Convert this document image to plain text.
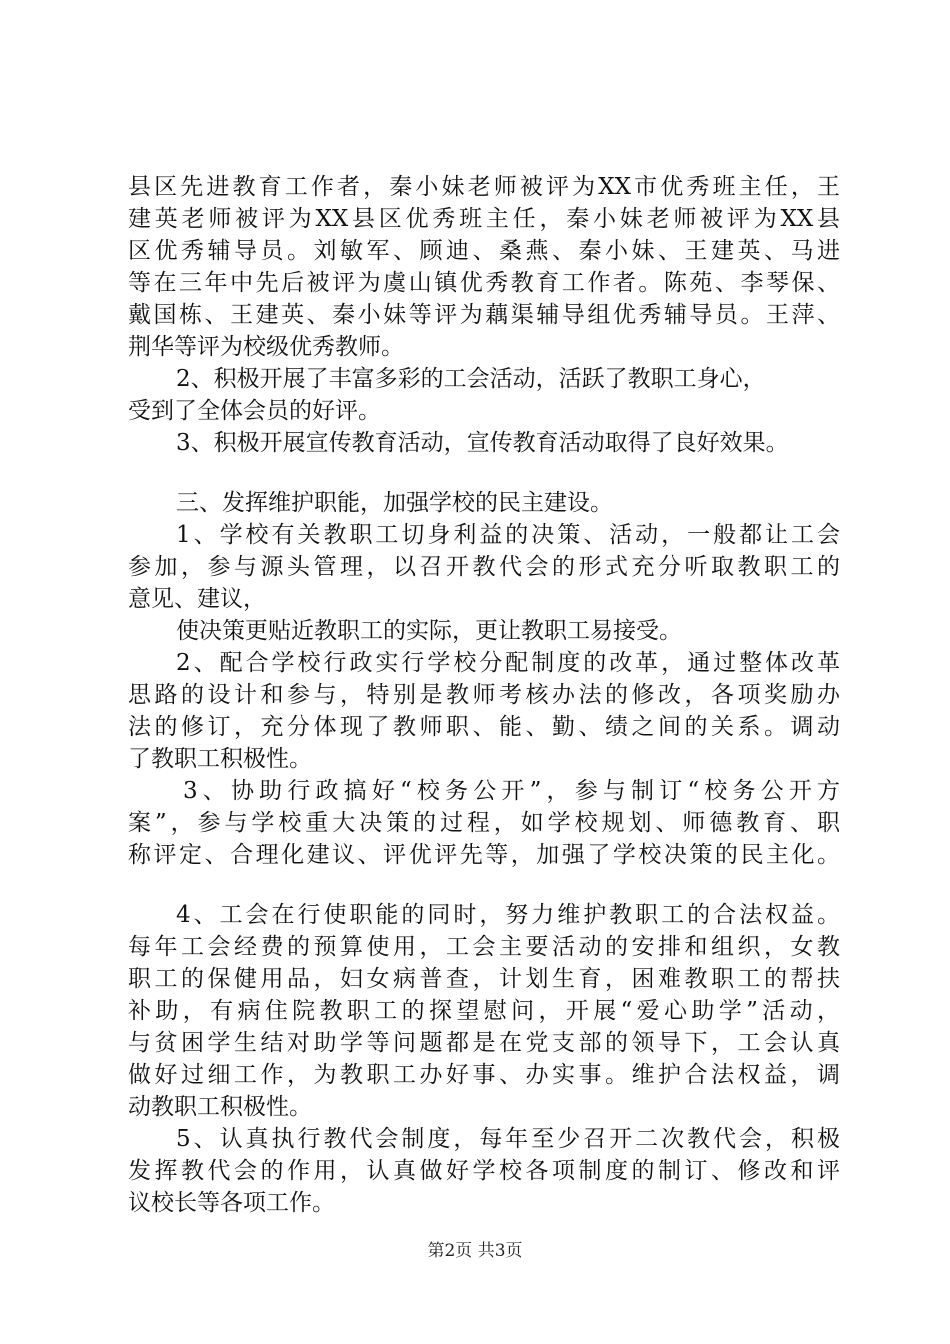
县区先进教育工作者，秦小妹老师被评为XX市优秀班主任，王
建英老师被评为XX县区优秀班主任，秦小妹老师被评为XX县
区优秀辅导员。刘敏军、顾迪、桑燕、秦小妹、王建英、马进
等在三年中先后被评为虞山镇优秀教育工作者。陈苑、李琴保、
戴国栋、王建英、秦小妹等评为藕渠辅导组优秀辅导员。王萍、
荆华等评为校级优秀教师。
2、积极开展了丰富多彩的工会活动，活跃了教职工身心，
受到了全体会员的好评。
3、积极开展宣传教育活动，宣传教育活动取得了良好效果。
三、发挥维护职能，加强学校的民主建设。
1、学校有关教职工切身利益的决策、活动，一般都让工会
参加，参与源头管理，以召开教代会的形式充分听取教职工的
意见、建议，
使决策更贴近教职工的实际，更让教职工易接受。
2、配合学校行政实行学校分配制度的改革，通过整体改革
思路的设计和参与，特别是教师考核办法的修改，各项奖励办
法的修订，充分体现了教师职、能、勤、绩之间的关系。调动
了教职工积极性。
3、协助行政搞好“校务公开”，参与制订“校务公开方
案”，参与学校重大决策的过程，如学校规划、师德教育、职
称评定、合理化建议、评优评先等，加强了学校决策的民主化。
4、工会在行使职能的同时，努力维护教职工的合法权益。
每年工会经费的预算使用，工会主要活动的安排和组织，女教
职工的保健用品，妇女病普查，计划生育，困难教职工的帮扶
补助，有病住院教职工的探望慰问，开展“爱心助学”活动，
与贫困学生结对助学等问题都是在党支部的领导下，工会认真
做好过细工作，为教职工办好事、办实事。维护合法权益，调
动教职工积极性。
5、认真执行教代会制度，每年至少召开二次教代会，积极
发挥教代会的作用，认真做好学校各项制度的制订、修改和评
议校长等各项工作。
第2页 共3页
